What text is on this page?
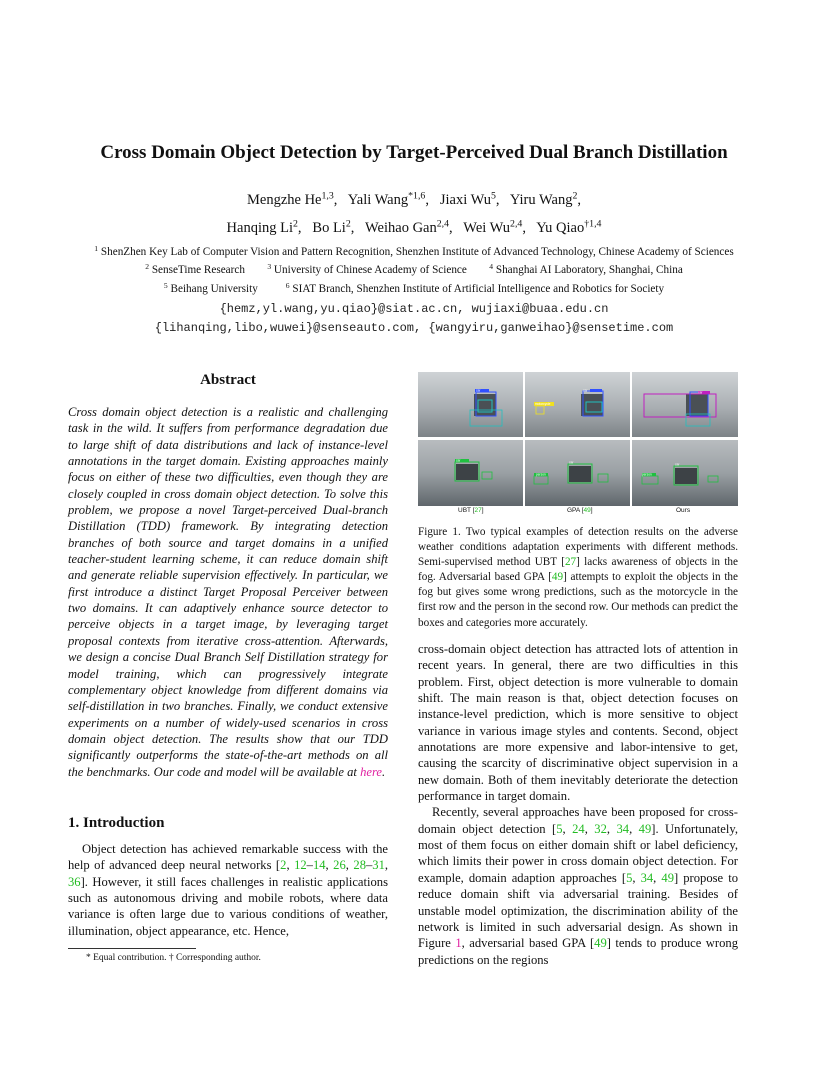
Cross Domain Object Detection by Target-Perceived Dual Branch Distillation
Mengzhe He$^{1,3}$,   Yali Wang$^{*1,6}$,   Jiaxi Wu$^5$,   Yiru Wang$^2$,
Hanqing Li$^2$,   Bo Li$^2$,   Weihao Gan$^{2,4}$,   Wei Wu$^{2,4}$,   Yu Qiao$^{\dagger 1,4}$
$^1$ ShenZhen Key Lab of Computer Vision and Pattern Recognition, Shenzhen Institute of Advanced Technology, Chinese Academy of Sciences
$^2$ SenseTime Research	$^3$ University of Chinese Academy of Science	$^4$ Shanghai AI Laboratory, Shanghai, China
$^5$ Beihang University	$^6$ SIAT Branch, Shenzhen Institute of Artificial Intelligence and Robotics for Society
{hemz,yl.wang,yu.qiao}@siat.ac.cn, wujiaxi@buaa.edu.cn
{lihanqing,libo,wuwei}@senseauto.com, {wangyiru,ganweihao}@sensetime.com
Abstract
Cross domain object detection is a realistic and challenging task in the wild. It suffers from performance degradation due to large shift of data distributions and lack of instance-level annotations in the target domain. Existing approaches mainly focus on either of these two difficulties, even though they are closely coupled in cross domain object detection. To solve this problem, we propose a novel Target-perceived Dual-branch Distillation (TDD) framework. By integrating detection branches of both source and target domains in a unified teacher-student learning scheme, it can reduce domain shift and generate reliable supervision effectively. In particular, we first introduce a distinct Target Proposal Perceiver between two domains. It can adaptively enhance source detector to perceive objects in a target image, by leveraging target proposal contexts from iterative cross-attention. Afterwards, we design a concise Dual Branch Self Distillation strategy for model training, which can progressively integrate complementary object knowledge from different domains via self-distillation in two branches. Finally, we conduct extensive experiments on a number of widely-used scenarios in cross domain object detection. The results show that our TDD significantly outperforms the state-of-the-art methods on all the benchmarks. Our code and model will be available at here.
1. Introduction

Object detection has achieved remarkable success with the help of advanced deep neural networks [2, 12–14, 26, 28–31, 36]. However, it still faces challenges in realistic applications such as autonomous driving and mobile robots, where data variance is often large due to various conditions of weather, illumination, object appearance, etc. Hence,

* Equal contribution. † Corresponding author.
motorcycle
car	car	car
person
car	car
person
car
UBT [27]	GPA [49]	Ours
Figure 1. Two typical examples of detection results on the adverse weather conditions adaptation experiments with different methods. Semi-supervised method UBT [27] lacks awareness of objects in the fog. Adversarial based GPA [49] attempts to exploit the objects in the fog but gives some wrong predictions, such as the motorcycle in the first row and the person in the second row. Our methods can predict the boxes and categories more accurately.

cross-domain object detection has attracted lots of attention in recent years. In general, there are two difficulties in this problem. First, object detection is more vulnerable to domain shift. The main reason is that, object detection focuses on instance-level prediction, which is more sensitive to object variance in various image styles and contents. Second, object annotations are more expensive and labor-intensive to get, causing the scarcity of discriminative object supervision in a new domain. Both of them inevitably deteriorate the detection performance in target domain.

Recently, several approaches have been proposed for cross-domain object detection [5, 24, 32, 34, 49]. Unfortunately, most of them focus on either domain shift or label deficiency, which limits their power in cross domain object detection. For example, domain adaption approaches [5, 34, 49] propose to reduce domain shift via adversarial training. Besides of unstable model optimization, the discrimination ability of the network is limited in such adversarial design. As shown in Figure 1, adversarial based GPA [49] tends to produce wrong predictions on the regions
